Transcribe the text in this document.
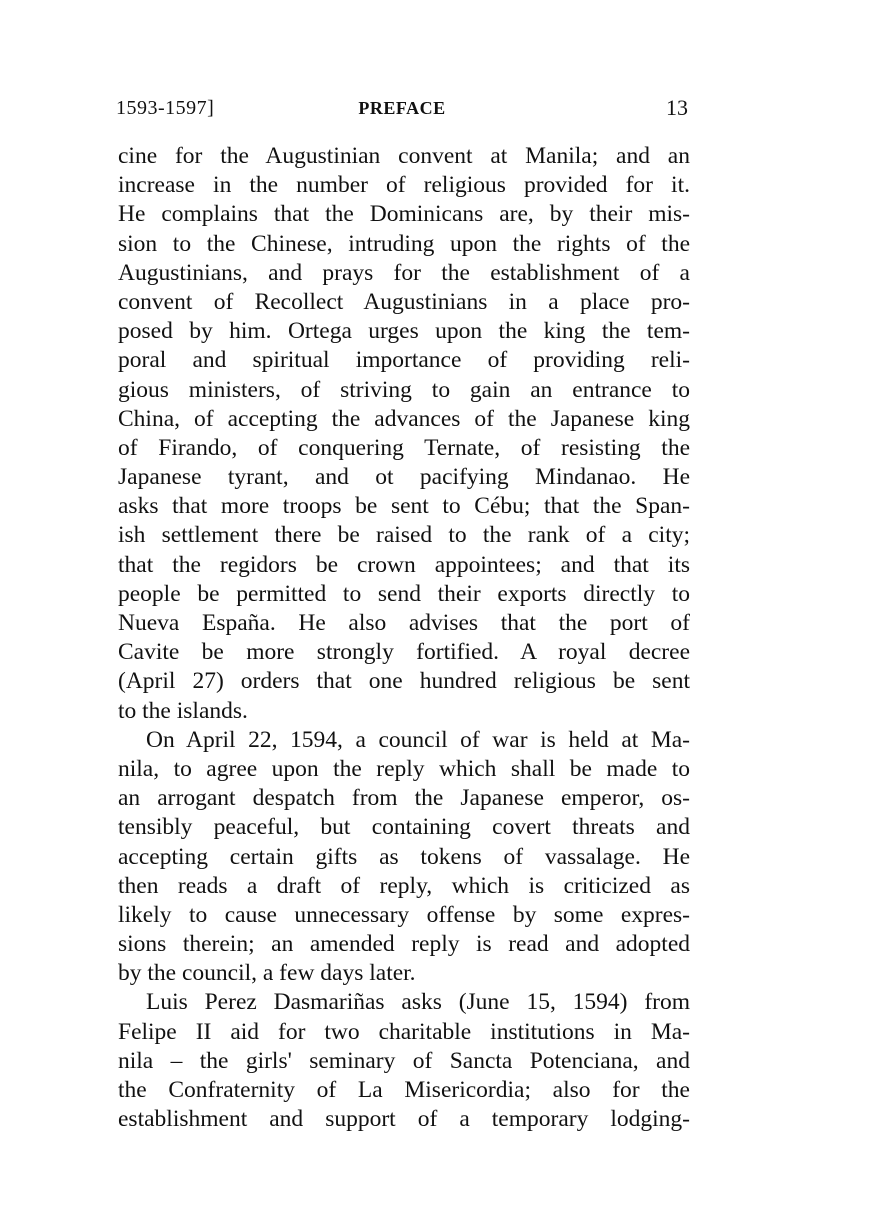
1593-1597]	PREFACE	13
cine for the Augustinian convent at Manila; and an
increase in the number of religious provided for it.
He complains that the Dominicans are, by their mis-
sion to the Chinese, intruding upon the rights of the
Augustinians, and prays for the establishment of a
convent of Recollect Augustinians in a place pro-
posed by him. Ortega urges upon the king the tem-
poral and spiritual importance of providing reli-
gious ministers, of striving to gain an entrance to
China, of accepting the advances of the Japanese king
of Firando, of conquering Ternate, of resisting the
Japanese tyrant, and ot pacifying Mindanao. He
asks that more troops be sent to Cébu; that the Span-
ish settlement there be raised to the rank of a city;
that the regidors be crown appointees; and that its
people be permitted to send their exports directly to
Nueva España. He also advises that the port of
Cavite be more strongly fortified. A royal decree
(April 27) orders that one hundred religious be sent
to the islands.
On April 22, 1594, a council of war is held at Ma-
nila, to agree upon the reply which shall be made to
an arrogant despatch from the Japanese emperor, os-
tensibly peaceful, but containing covert threats and
accepting certain gifts as tokens of vassalage. He
then reads a draft of reply, which is criticized as
likely to cause unnecessary offense by some expres-
sions therein; an amended reply is read and adopted
by the council, a few days later.
Luis Perez Dasmariñas asks (June 15, 1594) from
Felipe II aid for two charitable institutions in Ma-
nila – the girls' seminary of Sancta Potenciana, and
the Confraternity of La Misericordia; also for the
establishment and support of a temporary lodging-
